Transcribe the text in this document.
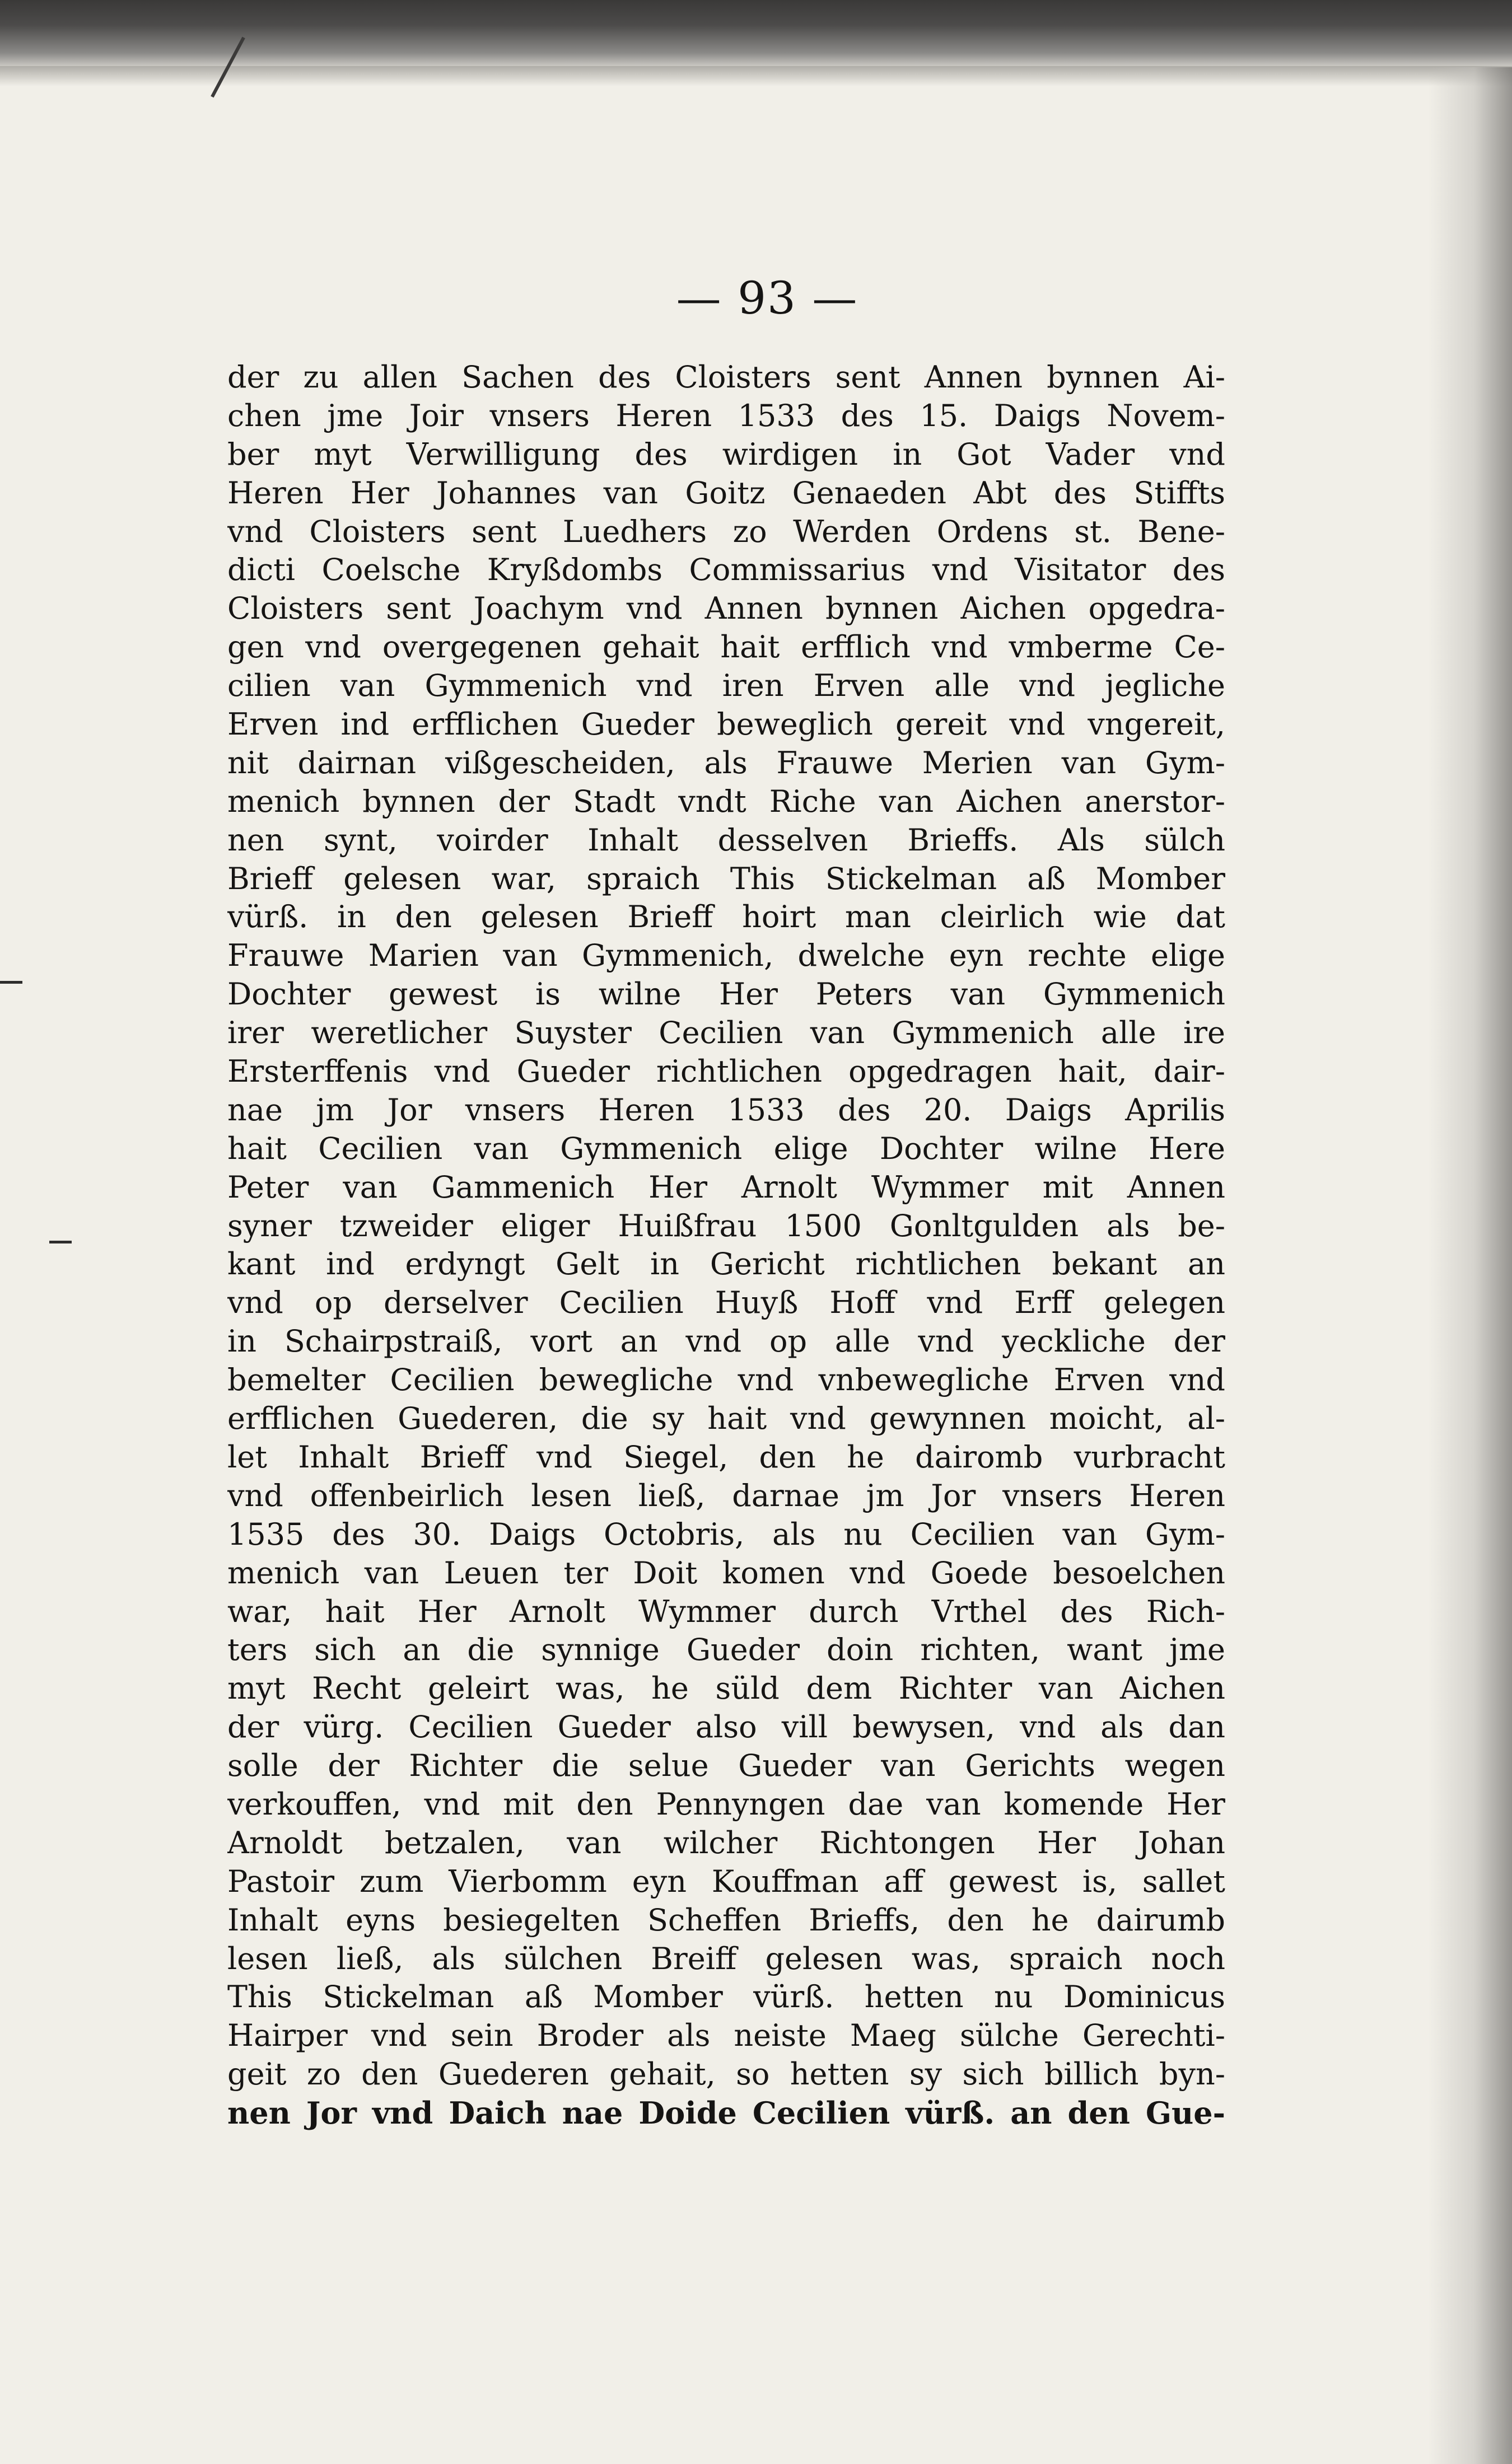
— 93 —
der zu allen Sachen des Cloisters sent Annen bynnen Ai-
chen jme Joir vnsers Heren 1533 des 15. Daigs Novem-
ber myt Verwilligung des wirdigen in Got Vader vnd
Heren Her Johannes van Goitz Genaeden Abt des Stiffts
vnd Cloisters sent Luedhers zo Werden Ordens st. Bene-
dicti Coelsche Kryßdombs Commissarius vnd Visitator des
Cloisters sent Joachym vnd Annen bynnen Aichen opgedra-
gen vnd overgegenen gehait hait erfflich vnd vmberme Ce-
cilien van Gymmenich vnd iren Erven alle vnd jegliche
Erven ind erfflichen Gueder beweglich gereit vnd vngereit,
nit dairnan vißgescheiden, als Frauwe Merien van Gym-
menich bynnen der Stadt vndt Riche van Aichen anerstor-
nen synt, voirder Inhalt desselven Brieffs. Als sülch
Brieff gelesen war, spraich This Stickelman aß Momber
vürß. in den gelesen Brieff hoirt man cleirlich wie dat
Frauwe Marien van Gymmenich, dwelche eyn rechte elige
Dochter gewest is wilne Her Peters van Gymmenich
irer weretlicher Suyster Cecilien van Gymmenich alle ire
Ersterffenis vnd Gueder richtlichen opgedragen hait, dair-
nae jm Jor vnsers Heren 1533 des 20. Daigs Aprilis
hait Cecilien van Gymmenich elige Dochter wilne Here
Peter van Gammenich Her Arnolt Wymmer mit Annen
syner tzweider eliger Huißfrau 1500 Gonltgulden als be-
kant ind erdyngt Gelt in Gericht richtlichen bekant an
vnd op derselver Cecilien Huyß Hoff vnd Erff gelegen
in Schairpstraiß, vort an vnd op alle vnd yeckliche der
bemelter Cecilien bewegliche vnd vnbewegliche Erven vnd
erfflichen Guederen, die sy hait vnd gewynnen moicht, al-
let Inhalt Brieff vnd Siegel, den he dairomb vurbracht
vnd offenbeirlich lesen ließ, darnae jm Jor vnsers Heren
1535 des 30. Daigs Octobris, als nu Cecilien van Gym-
menich van Leuen ter Doit komen vnd Goede besoelchen
war, hait Her Arnolt Wymmer durch Vrthel des Rich-
ters sich an die synnige Gueder doin richten, want jme
myt Recht geleirt was, he süld dem Richter van Aichen
der vürg. Cecilien Gueder also vill bewysen, vnd als dan
solle der Richter die selue Gueder van Gerichts wegen
verkouffen, vnd mit den Pennyngen dae van komende Her
Arnoldt betzalen, van wilcher Richtongen Her Johan
Pastoir zum Vierbomm eyn Kouffman aff gewest is, sallet
Inhalt eyns besiegelten Scheffen Brieffs, den he dairumb
lesen ließ, als sülchen Breiff gelesen was, spraich noch
This Stickelman aß Momber vürß. hetten nu Dominicus
Hairper vnd sein Broder als neiste Maeg sülche Gerechti-
geit zo den Guederen gehait, so hetten sy sich billich byn-
nen Jor vnd Daich nae Doide Cecilien vürß. an den Gue-
